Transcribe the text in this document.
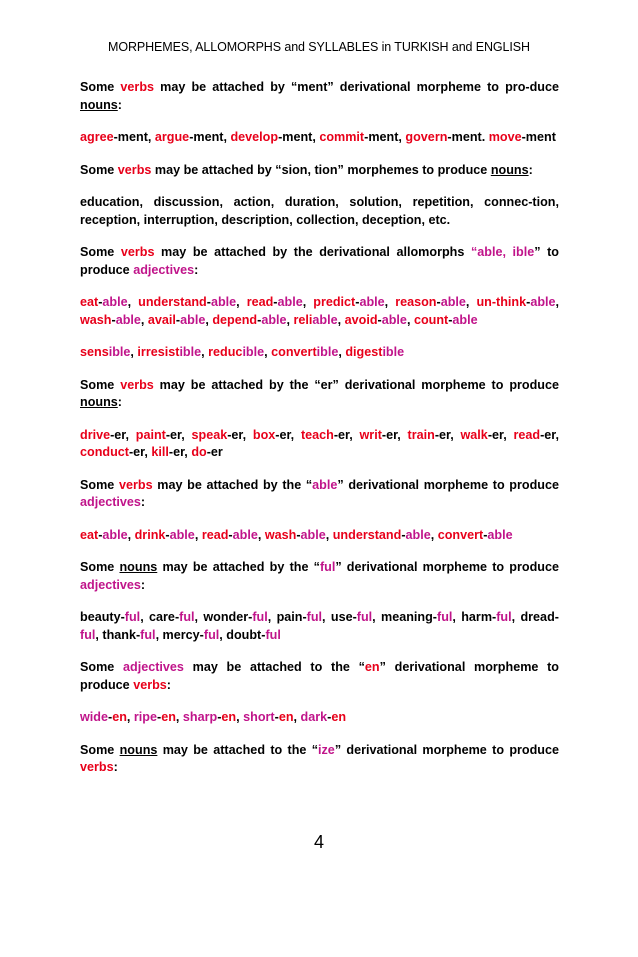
MORPHEMES, ALLOMORPHS and SYLLABLES in TURKISH and ENGLISH

Some verbs may be attached by “ment” derivational morpheme to pro-duce nouns:

agree-ment, argue-ment, develop-ment, commit-ment, govern-ment. move-ment

Some verbs may be attached by “sion, tion” morphemes to produce nouns:

education, discussion, action, duration, solution, repetition, connec-tion, reception, interruption, description, collection, deception, etc.

Some verbs may be attached by the derivational allomorphs “able, ible” to produce adjectives:

eat-able, understand-able, read-able, predict-able, reason-able, un-think-able, wash-able, avail-able, depend-able, reliable, avoid-able, count-able

sensible, irresistible, reducible, convertible, digestible

Some verbs may be attached by the “er” derivational morpheme to produce nouns:

drive-er, paint-er, speak-er, box-er, teach-er, writ-er, train-er, walk-er, read-er, conduct-er, kill-er, do-er

Some verbs may be attached by the “able” derivational morpheme to produce adjectives:

eat-able, drink-able, read-able, wash-able, understand-able, convert-able

Some nouns may be attached by the “ful” derivational morpheme to produce adjectives:

beauty-ful, care-ful, wonder-ful, pain-ful, use-ful, meaning-ful, harm-ful, dread-ful, thank-ful, mercy-ful, doubt-ful

Some adjectives may be attached to the “en” derivational morpheme to produce verbs:

wide-en, ripe-en, sharp-en, short-en, dark-en

Some nouns may be attached to the “ize” derivational morpheme to produce verbs:

4
